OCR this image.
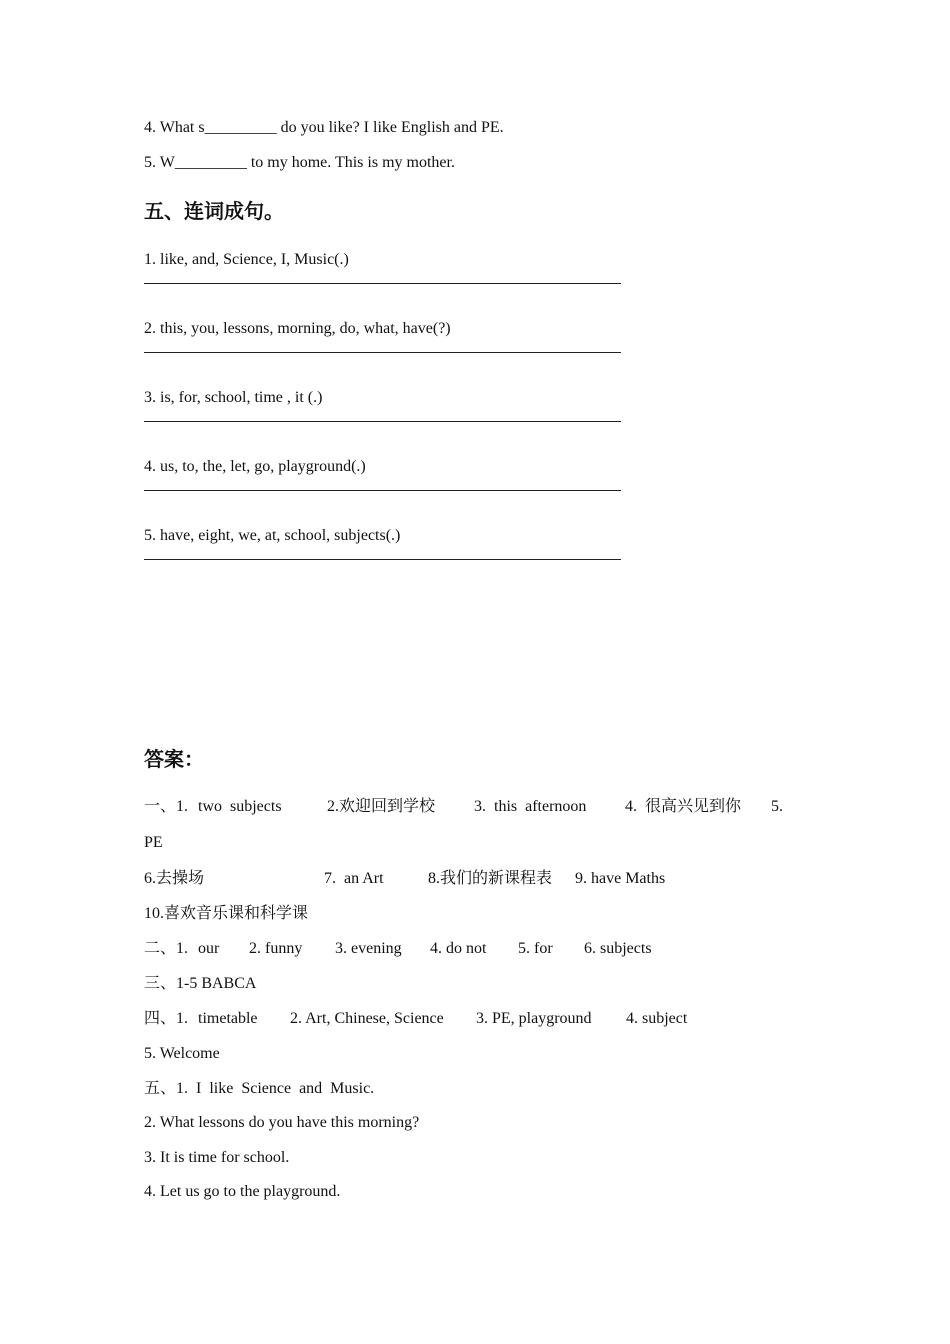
4. What s_________ do you like? I like English and PE.
5. W_________ to my home. This is my mother.
五、连词成句。
1. like, and, Science, I, Music(.)
2. this, you, lessons, morning, do, what, have(?)
3. is, for, school, time , it (.)
4. us, to, the, let, go, playground(.)
5. have, eight, we, at, school, subjects(.)
答案：
一、1. two  subjects	2.欢迎回到学校 3.  this  afternoon 4.  很高兴见到你 5.
PE
6.去操场	7.  an Art	8.我们的新课程表 9. have Maths
10.喜欢音乐课和科学课
二、1. our 2. funny 3. evening 4. do not 5. for 6. subjects
三、1-5 BABCA
四、1. timetable 2. Art, Chinese, Science 3. PE, playground 4. subject
5. Welcome
五、1.  I  like  Science  and  Music.
2. What lessons do you have this morning?
3. It is time for school.
4. Let us go to the playground.
